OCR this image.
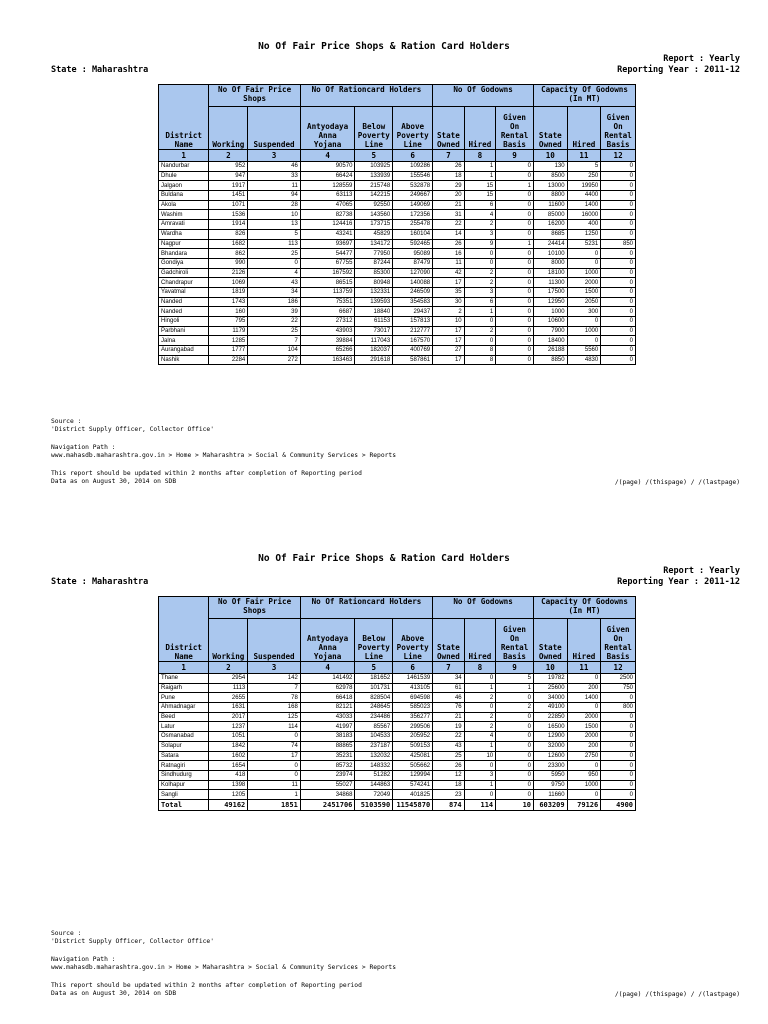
No Of Fair Price Shops & Ration Card Holders
Report : Yearly
Reporting Year : 2011-12
State : Maharashtra
	No Of Fair Price Shops		No Of Rationcard Holders			No Of Godowns			Capacity Of Godowns (In MT)		
District Name	Working	Suspended	Antyodaya Anna Yojana	Below Poverty Line	Above Poverty Line	State Owned	Hired	Given On Rental Basis	State Owned	Hired	Given On Rental Basis
1	2	3	4	5	6	7	8	9	10	11	12
Nandurbar	952	46	90570	103925	109286	26	1	0	130	5	0
Dhule	947	33	66424	133939	155546	18	1	0	8500	250	0
Jalgaon	1917	11	128559	215748	532878	29	15	1	13000	19950	0
Buldana	1451	94	63113	142215	249667	20	15	0	8800	4400	0
Akola	1071	28	47065	92550	149069	21	6	0	11600	1400	0
Washim	1536	10	82738	143560	172356	31	4	0	85000	16000	0
Amravati	1914	13	124416	173715	255478	22	2	0	16200	400	0
Wardha	826	5	43241	45829	160104	14	3	0	8685	1250	0
Nagpur	1682	113	93697	134172	592465	26	9	1	24414	5231	850
Bhandara	862	25	54477	77950	95089	16	0	0	10100	0	0
Gondiya	990	0	67755	87244	87479	11	0	0	8000	0	0
Gadchiroli	2126	4	167592	85300	127090	42	2	0	18100	1000	0
Chandrapur	1069	43	86515	80948	140088	17	2	0	11300	2000	0
Yavatmal	1819	34	113759	132331	246509	35	3	0	17500	1500	0
Nanded	1743	186	75351	139593	354583	30	6	0	12950	2050	0
Nanded	160	39	6687	18840	29437	2	1	0	1000	300	0
Hingoli	795	22	27312	61153	157813	10	0	0	10600	0	0
Parbhani	1179	25	43903	73017	212777	17	2	0	7900	1000	0
Jalna	1285	7	39884	117043	167570	17	0	0	18400	0	0
Aurangabad	1777	104	65266	182037	400769	27	8	0	26188	5560	0
Nashik	2284	272	163463	291618	587861	17	8	0	8850	4830	0
Source :
'District Supply Officer, Collector Office'
Navigation Path :
www.mahasdb.maharashtra.gov.in > Home > Maharashtra > Social & Community Services > Reports
This report should be updated within 2 months after completion of Reporting period
Data as on August 30, 2014 on SDB	/(page) /(thispage) / /(lastpage)
No Of Fair Price Shops & Ration Card Holders
Report : Yearly
Reporting Year : 2011-12
State : Maharashtra
	No Of Fair Price Shops		No Of Rationcard Holders			No Of Godowns			Capacity Of Godowns (In MT)		
District Name	Working	Suspended	Antyodaya Anna Yojana	Below Poverty Line	Above Poverty Line	State Owned	Hired	Given On Rental Basis	State Owned	Hired	Given On Rental Basis
1	2	3	4	5	6	7	8	9	10	11	12
Thane	2954	142	141492	181652	1461539	34	0	5	19782	0	2500
Raigarh	1113	7	62978	101731	413105	61	1	1	25600	200	750
Pune	2655	78	66418	828504	694598	46	2	0	34000	1400	0
Ahmadnagar	1631	168	82121	248645	585023	76	0	2	49100	0	800
Beed	2017	125	43033	234486	356277	21	2	0	22850	2000	0
Latur	1237	114	41997	85567	299506	19	2	0	16500	1500	0
Osmanabad	1051	0	38183	104533	205952	22	4	0	12900	2000	0
Solapur	1842	74	88865	237187	509153	43	1	0	32000	200	0
Satara	1602	17	35231	132032	425081	25	10	0	12600	2750	0
Ratnagiri	1654	0	85732	148332	505662	26	0	0	23300	0	0
Sindhudurg	418	0	23974	51282	129994	12	3	0	5950	950	0
Kolhapur	1398	11	55027	144863	574241	18	1	0	9750	1000	0
Sangli	1205	1	34868	72049	401825	23	0	0	11660	0	0
Total	49162	1851	2451706	5103590	11545870	874	114	10	603209	79126	4900
Source :
'District Supply Officer, Collector Office'
Navigation Path :
www.mahasdb.maharashtra.gov.in > Home > Maharashtra > Social & Community Services > Reports
This report should be updated within 2 months after completion of Reporting period
Data as on August 30, 2014 on SDB	/(page) /(thispage) / /(lastpage)
